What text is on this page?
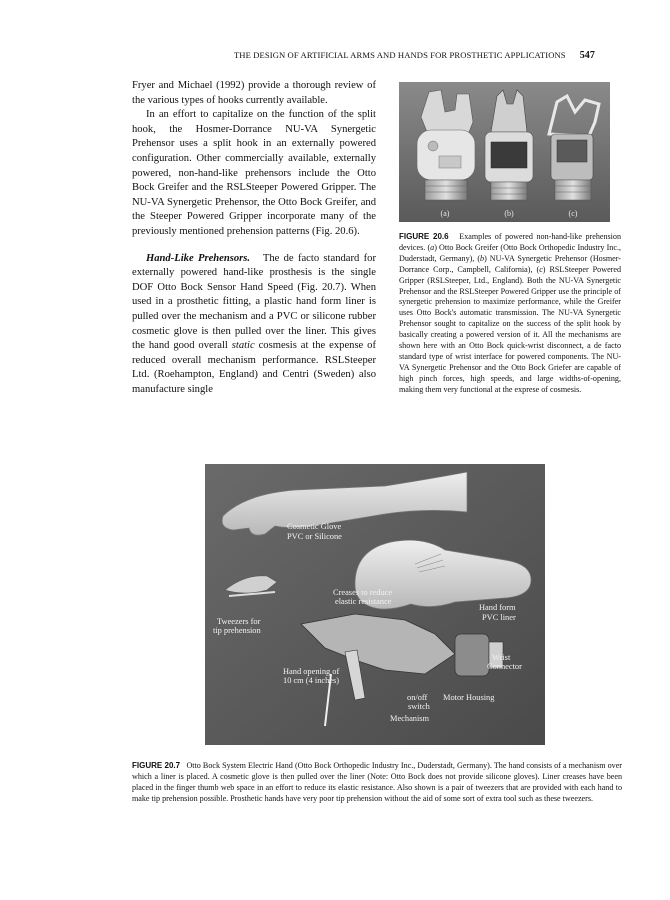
THE DESIGN OF ARTIFICIAL ARMS AND HANDS FOR PROSTHETIC APPLICATIONS 547

Fryer and Michael (1992) provide a thorough review of the various types of hooks currently available.

In an effort to capitalize on the function of the split hook, the Hosmer-Dorrance NU-VA Synergetic Prehensor uses a split hook in an externally powered configuration. Other commercially available, externally powered, non-hand-like prehensors include the Otto Bock Greifer and the RSLSteeper Powered Gripper. The NU-VA Synergetic Prehensor, the Otto Bock Greifer, and the Steeper Powered Gripper incorporate many of the previously mentioned prehension patterns (Fig. 20.6).

Hand-Like Prehensors. The de facto standard for externally powered hand-like prosthesis is the single DOF Otto Bock Sensor Hand Speed (Fig. 20.7). When used in a prosthetic fitting, a plastic hand form liner is pulled over the mechanism and a PVC or silicone rubber cosmetic glove is then pulled over the liner. This gives the hand good overall static cosmesis at the expense of reduced overall mechanism performance. RSLSteeper Ltd. (Roehampton, England) and Centri (Sweden) also manufacture single

(a)	(b)	(c)
FIGURE 20.6 Examples of powered non-hand-like prehension devices. (a) Otto Bock Greifer (Otto Bock Orthopedic Industry Inc., Duderstadt, Germany), (b) NU-VA Synergetic Prehensor (Hosmer-Dorrance Corp., Campbell, California), (c) RSLSteeper Powered Gripper (RSLSteeper, Ltd., England). Both the NU-VA Synergetic Prehensor and the RSLSteeper Powered Gripper use the principle of synergetic prehension to maximize performance, while the Greifer uses Otto Bock's automatic transmission. The NU-VA Synergetic Prehensor sought to capitalize on the success of the split hook by basically creating a powered version of it. All the mechanisms are shown here with an Otto Bock quick-wrist disconnect, a de facto standard type of wrist interface for powered components. The NU-VA Synergetic Prehensor and the Otto Bock Griefer are capable of high pinch forces, high speeds, and large widths-of-opening, making them very functional at the exprese of cosmesis.
Cosmetic Glove
PVC or Silicone
Creases to reduce
elastic resistance
Tweezers for
tip prehension
Hand form
PVC liner
Wrist
Connector
Hand opening of
10 cm (4 inches)
on/off
switch
Motor Housing
Mechanism
FIGURE 20.7 Otto Bock System Electric Hand (Otto Bock Orthopedic Industry Inc., Duderstadt, Germany). The hand consists of a mechanism over which a liner is placed. A cosmetic glove is then pulled over the liner (Note: Otto Bock does not provide silicone gloves). Liner creases have been placed in the finger thumb web space in an effort to reduce its elastic resistance. Also shown is a pair of tweezers that are provided with each hand to make tip prehension possible. Prosthetic hands have very poor tip prehension without the aid of some sort of extra tool such as these tweezers.
